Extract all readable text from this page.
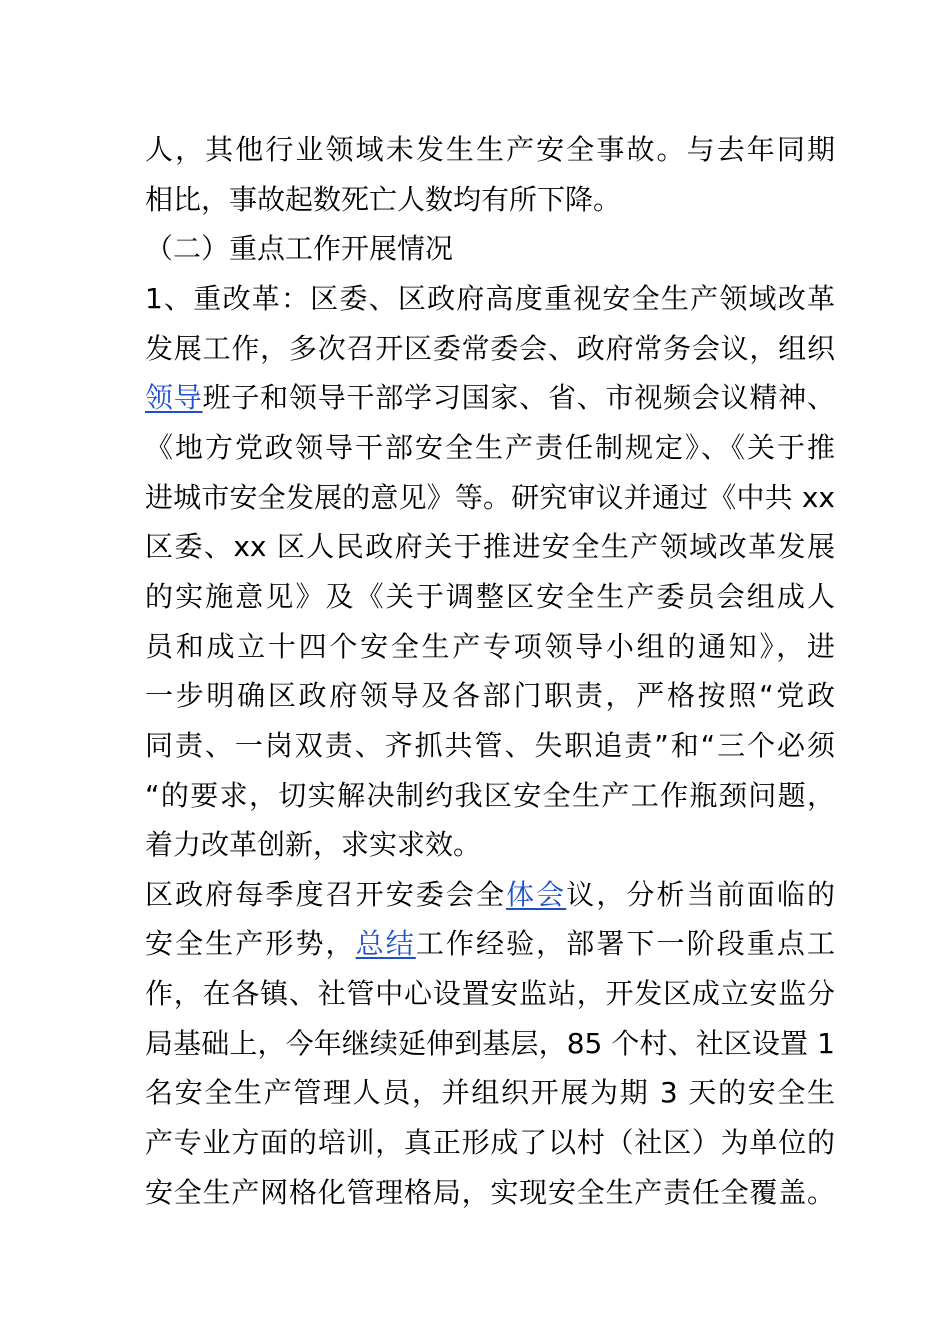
人，其他行业领域未发生生产安全事故。与去年同期
相比，事故起数死亡人数均有所下降。
（二）重点工作开展情况
1、重改革：区委、区政府高度重视安全生产领域改革
发展工作，多次召开区委常委会、政府常务会议，组织
领导班子和领导干部学习国家、省、市视频会议精神、
《地方党政领导干部安全生产责任制规定》、《关于推
进城市安全发展的意见》等。研究审议并通过《中共 xx
区委、xx 区人民政府关于推进安全生产领域改革发展
的实施意见》及《关于调整区安全生产委员会组成人
员和成立十四个安全生产专项领导小组的通知》，进
一步明确区政府领导及各部门职责，严格按照“党政
同责、一岗双责、齐抓共管、失职追责”和“三个必须
“的要求，切实解决制约我区安全生产工作瓶颈问题，
着力改革创新，求实求效。
区政府每季度召开安委会全体会议，分析当前面临的
安全生产形势，总结工作经验，部署下一阶段重点工
作，在各镇、社管中心设置安监站，开发区成立安监分
局基础上，今年继续延伸到基层，85 个村、社区设置 1
名安全生产管理人员，并组织开展为期 3 天的安全生
产专业方面的培训，真正形成了以村（社区）为单位的
安全生产网格化管理格局，实现安全生产责任全覆盖。
